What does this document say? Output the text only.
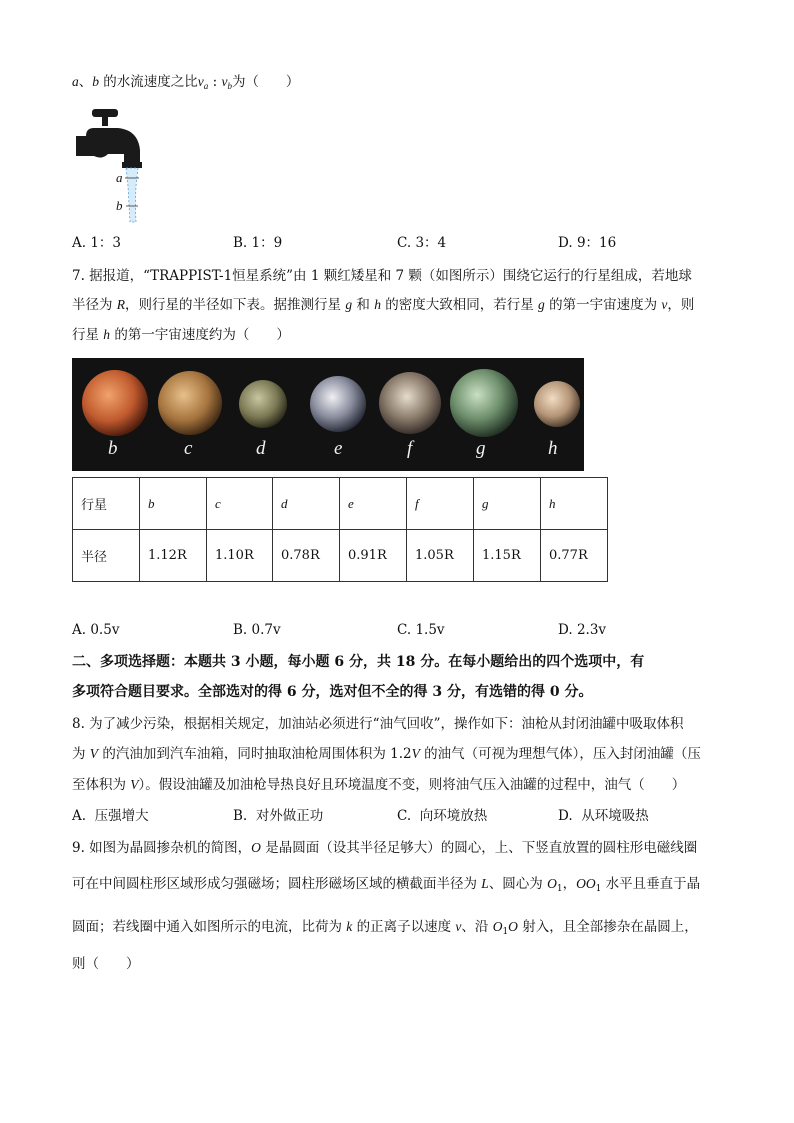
a、b 的水流速度之比$v_a$ : $v_b$为（　　）
a
b
A. 1：3	B. 1：9	C. 3：4	D. 9：16
7. 据报道，“TRAPPIST-1恒星系统”由 1 颗红矮星和 7 颗（如图所示）围绕它运行的行星组成，若地球
半径为 R，则行星的半径如下表。据推测行星 g 和 h 的密度大致相同，若行星 g 的第一宇宙速度为 v，则
行星 h 的第一宇宙速度约为（　　）
b	c	d	e	f	g	h
行星	b	c	d	e	f	g	h
半径	1.12R	1.10R	0.78R	0.91R	1.05R	1.15R	0.77R
A. 0.5v	B. 0.7v	C. 1.5v	D. 2.3v
二、多项选择题：本题共 3 小题，每小题 6 分，共 18 分。在每小题给出的四个选项中，有
多项符合题目要求。全部选对的得 6 分，选对但不全的得 3 分，有选错的得 0 分。
8. 为了减少污染，根据相关规定，加油站必须进行“油气回收”，操作如下：油枪从封闭油罐中吸取体积
为 V 的汽油加到汽车油箱，同时抽取油枪周围体积为 1.2V 的油气（可视为理想气体），压入封闭油罐（压
至体积为 V）。假设油罐及加油枪导热良好且环境温度不变，则将油气压入油罐的过程中，油气（　　）
A. 压强增大	B. 对外做正功	C. 向环境放热	D. 从环境吸热
9. 如图为晶圆掺杂机的简图，O 是晶圆面（设其半径足够大）的圆心，上、下竖直放置的圆柱形电磁线圈
可在中间圆柱形区域形成匀强磁场；圆柱形磁场区域的横截面半径为 L、圆心为 $O_1$，$OO_1$ 水平且垂直于晶
圆面；若线圈中通入如图所示的电流，比荷为 k 的正离子以速度 v、沿 $O_1O$ 射入，且全部掺杂在晶圆上，
则（　　）
